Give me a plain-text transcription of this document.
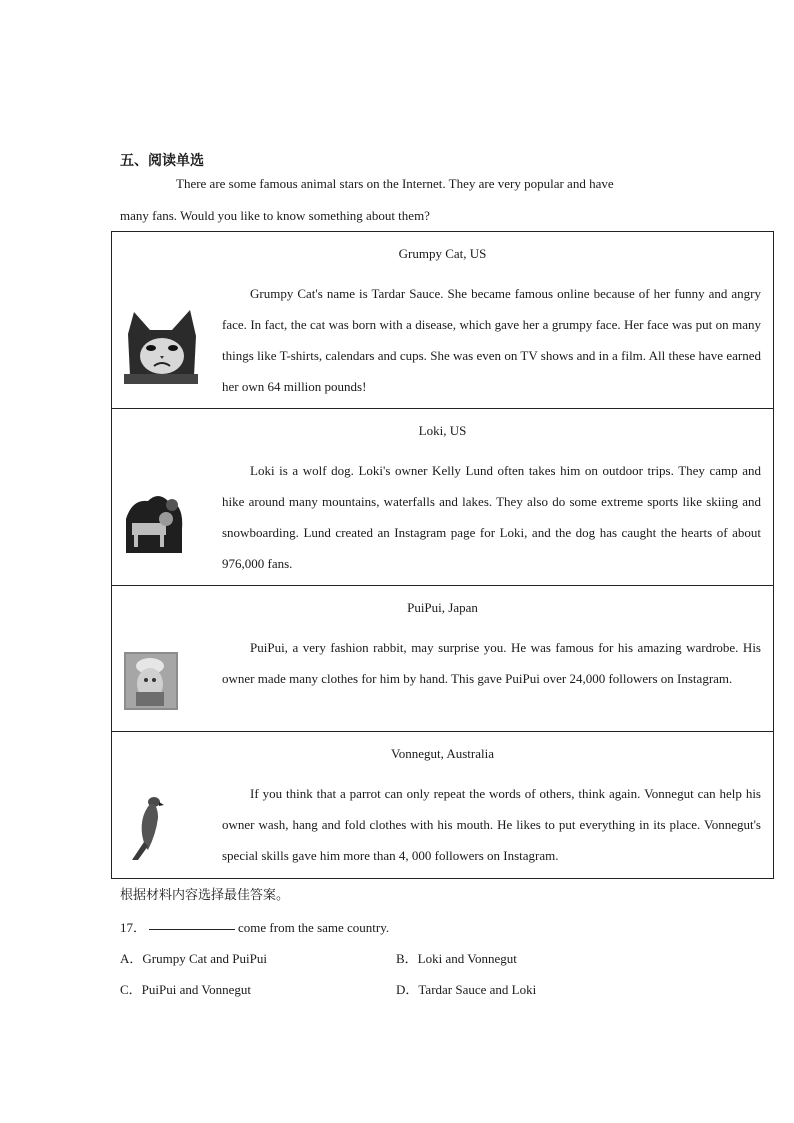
五、阅读单选
There are some famous animal stars on the Internet. They are very popular and have
many fans. Would you like to know something about them?
Grumpy Cat, US
Grumpy Cat's name is Tardar Sauce. She became famous online because of her funny and angry face. In fact, the cat was born with a disease, which gave her a grumpy face. Her face was put on many things like T-shirts, calendars and cups. She was even on TV shows and in a film. All these have earned her own 64 million pounds!
Loki, US
Loki is a wolf dog. Loki's owner Kelly Lund often takes him on outdoor trips. They camp and hike around many mountains, waterfalls and lakes. They also do some extreme sports like skiing and snowboarding. Lund created an Instagram page for Loki, and the dog has caught the hearts of about 976,000 fans.
PuiPui, Japan
PuiPui, a very fashion rabbit, may surprise you. He was famous for his amazing wardrobe. His owner made many clothes for him by hand. This gave PuiPui over 24,000 followers on Instagram.
Vonnegut, Australia
If you think that a parrot can only repeat the words of others, think again. Vonnegut can help his owner wash, hang and fold clothes with his mouth. He likes to put everything in its place. Vonnegut's special skills gave him more than 4, 000 followers on Instagram.
根据材料内容选择最佳答案。
17．	come from the same country.
A．Grumpy Cat and PuiPui	B．Loki and Vonnegut
C．PuiPui and Vonnegut	D．Tardar Sauce and Loki
